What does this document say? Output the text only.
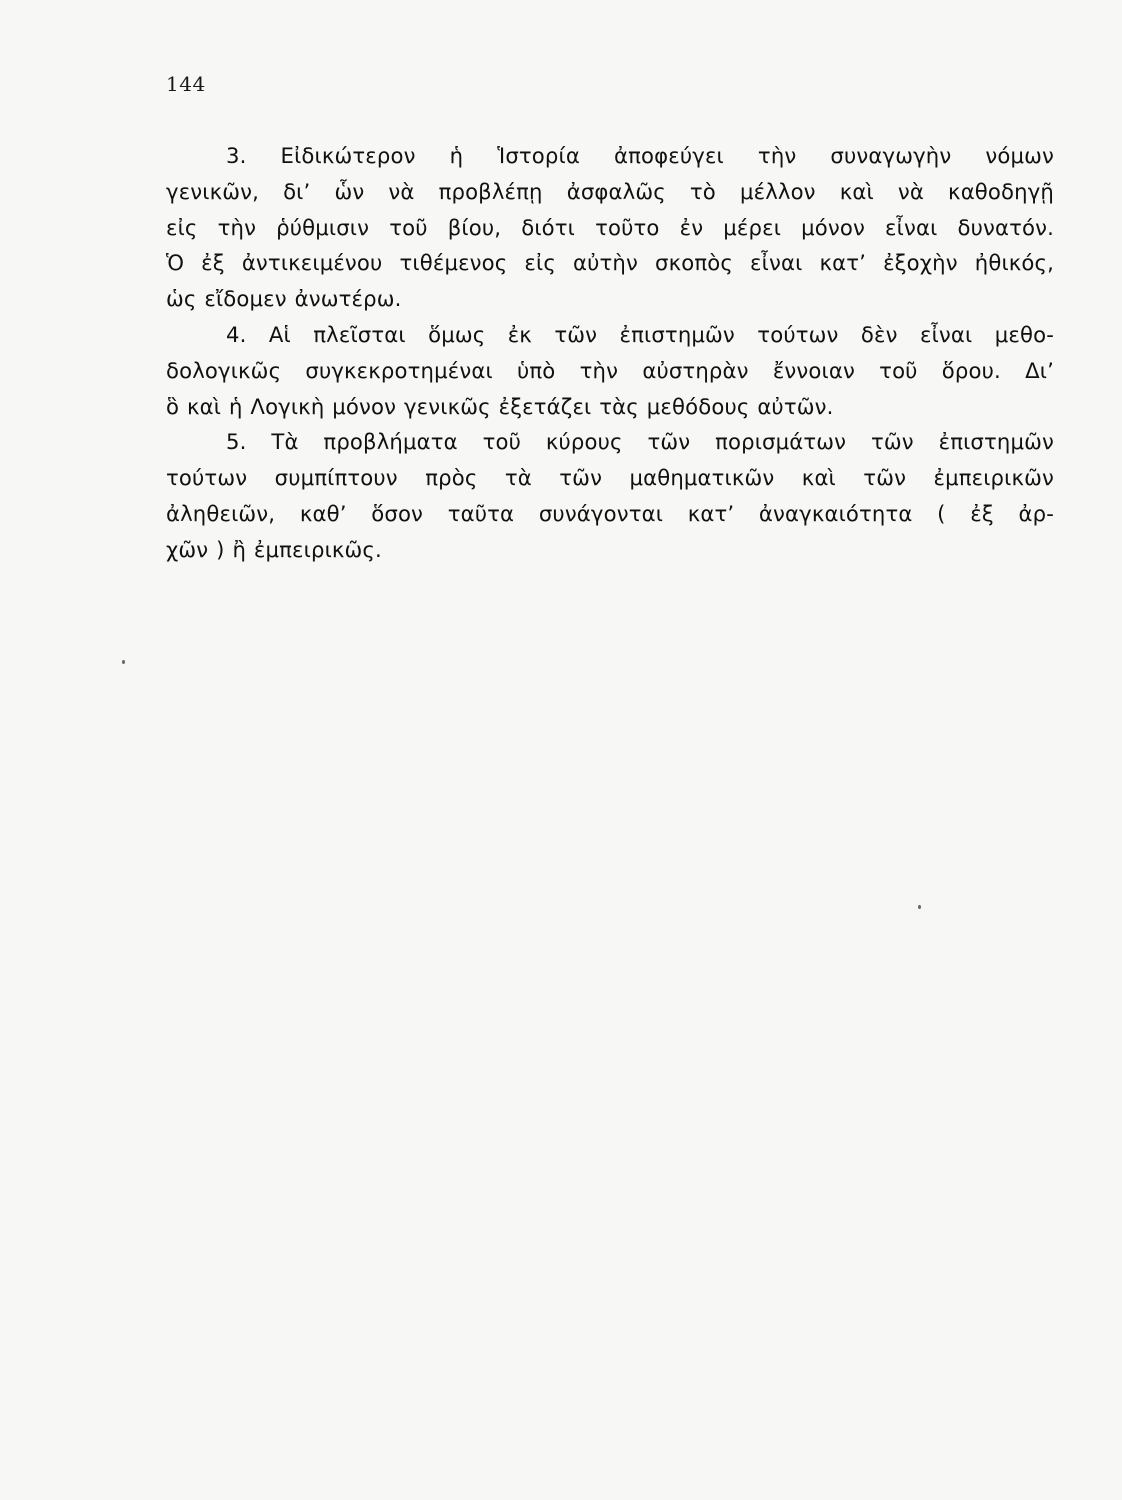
144
3. Εἰδικώτερον ἡ Ἱστορία ἀποφεύγει τὴν συναγωγὴν νόμων
γενικῶν, δι’ ὧν νὰ προβλέπῃ ἀσφαλῶς τὸ μέλλον καὶ νὰ καθοδηγῇ
εἰς τὴν ῥύθμισιν τοῦ βίου, διότι τοῦτο ἐν μέρει μόνον εἶναι δυνατόν.
Ὁ ἐξ ἀντικειμένου τιθέμενος εἰς αὐτὴν σκοπὸς εἶναι κατ’ ἐξοχὴν ἠθικός,
ὡς εἴδομεν ἀνωτέρω.
4. Αἱ πλεῖσται ὅμως ἐκ τῶν ἐπιστημῶν τούτων δὲν εἶναι μεθο-
δολογικῶς συγκεκροτημέναι ὑπὸ τὴν αὐστηρὰν ἔννοιαν τοῦ ὅρου. Δι’
ὃ καὶ ἡ Λογικὴ μόνον γενικῶς ἐξετάζει τὰς μεθόδους αὐτῶν.
5. Τὰ προβλήματα τοῦ κύρους τῶν πορισμάτων τῶν ἐπιστημῶν
τούτων συμπίπτουν πρὸς τὰ τῶν μαθηματικῶν καὶ τῶν ἐμπειρικῶν
ἀληθειῶν, καθ’ ὅσον ταῦτα συνάγονται κατ’ ἀναγκαιότητα ( ἐξ ἀρ-
χῶν ) ἢ ἐμπειρικῶς.
